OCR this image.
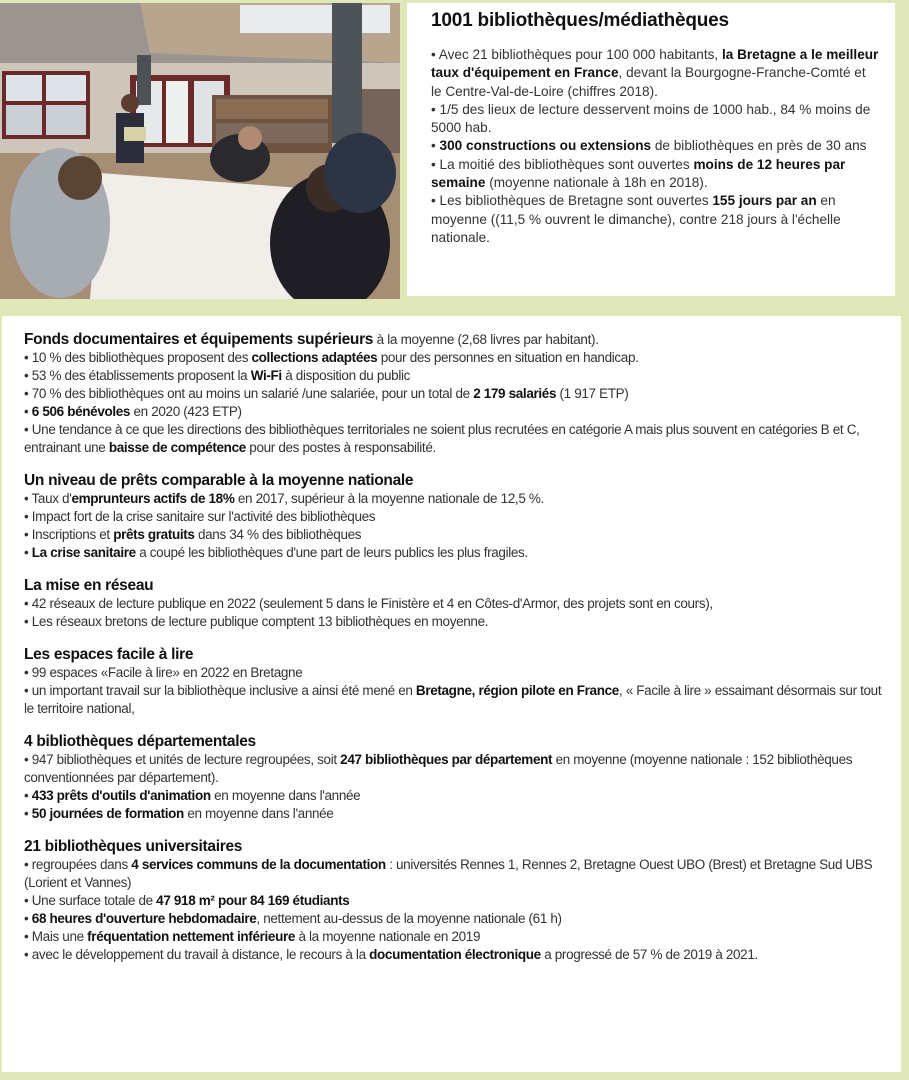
1001 bibliothèques/médiathèques

• Avec 21 bibliothèques pour 100 000 habitants, la Bretagne a le meilleur taux d'équipement en France, devant la Bourgogne-Franche-Comté et le Centre-Val-de-Loire (chiffres 2018).

• 1/5 des lieux de lecture desservent moins de 1000 hab., 84 % moins de 5000 hab.

• 300 constructions ou extensions de bibliothèques en près de 30 ans

• La moitié des bibliothèques sont ouvertes moins de 12 heures par semaine (moyenne nationale à 18h en 2018).

• Les bibliothèques de Bretagne sont ouvertes 155 jours par an en moyenne ((11,5 % ouvrent le dimanche), contre 218 jours à l'échelle nationale.

Fonds documentaires et équipements supérieurs à la moyenne (2,68 livres par habitant).

• 10 % des bibliothèques proposent des collections adaptées pour des personnes en situation en handicap.

• 53 % des établissements proposent la Wi-Fi à disposition du public

• 70 % des bibliothèques ont au moins un salarié /une salariée, pour un total de 2 179 salariés (1 917 ETP)

• 6 506 bénévoles en 2020 (423 ETP)

• Une tendance à ce que les directions des bibliothèques territoriales ne soient plus recrutées en catégorie A mais plus souvent en catégories B et C, entrainant une baisse de compétence pour des postes à responsabilité.

Un niveau de prêts comparable à la moyenne nationale

• Taux d'emprunteurs actifs de 18% en 2017, supérieur à la moyenne nationale de 12,5 %.

• Impact fort de la crise sanitaire sur l'activité des bibliothèques

• Inscriptions et prêts gratuits dans 34 % des bibliothèques

• La crise sanitaire a coupé les bibliothèques d'une part de leurs publics les plus fragiles.

La mise en réseau

• 42 réseaux de lecture publique en 2022 (seulement 5 dans le Finistère et 4 en Côtes-d'Armor, des projets sont en cours),

• Les réseaux bretons de lecture publique comptent 13 bibliothèques en moyenne.

Les espaces facile à lire

• 99 espaces «Facile à lire» en 2022 en Bretagne

• un important travail sur la bibliothèque inclusive a ainsi été mené en Bretagne, région pilote en France, « Facile à lire » essaimant désormais sur tout le territoire national,

4 bibliothèques départementales

• 947 bibliothèques et unités de lecture regroupées, soit 247 bibliothèques par département en moyenne (moyenne nationale : 152 bibliothèques conventionnées par département).

• 433 prêts d'outils d'animation en moyenne dans l'année

• 50 journées de formation en moyenne dans l'année

21 bibliothèques universitaires

• regroupées dans 4 services communs de la documentation : universités Rennes 1, Rennes 2, Bretagne Ouest UBO (Brest) et Bretagne Sud UBS (Lorient et Vannes)

• Une surface totale de 47 918 m² pour 84 169 étudiants

• 68 heures d'ouverture hebdomadaire, nettement au-dessus de la moyenne nationale (61 h)

• Mais une fréquentation nettement inférieure à la moyenne nationale en 2019

• avec le développement du travail à distance, le recours à la documentation électronique a progressé de 57 % de 2019 à 2021.
